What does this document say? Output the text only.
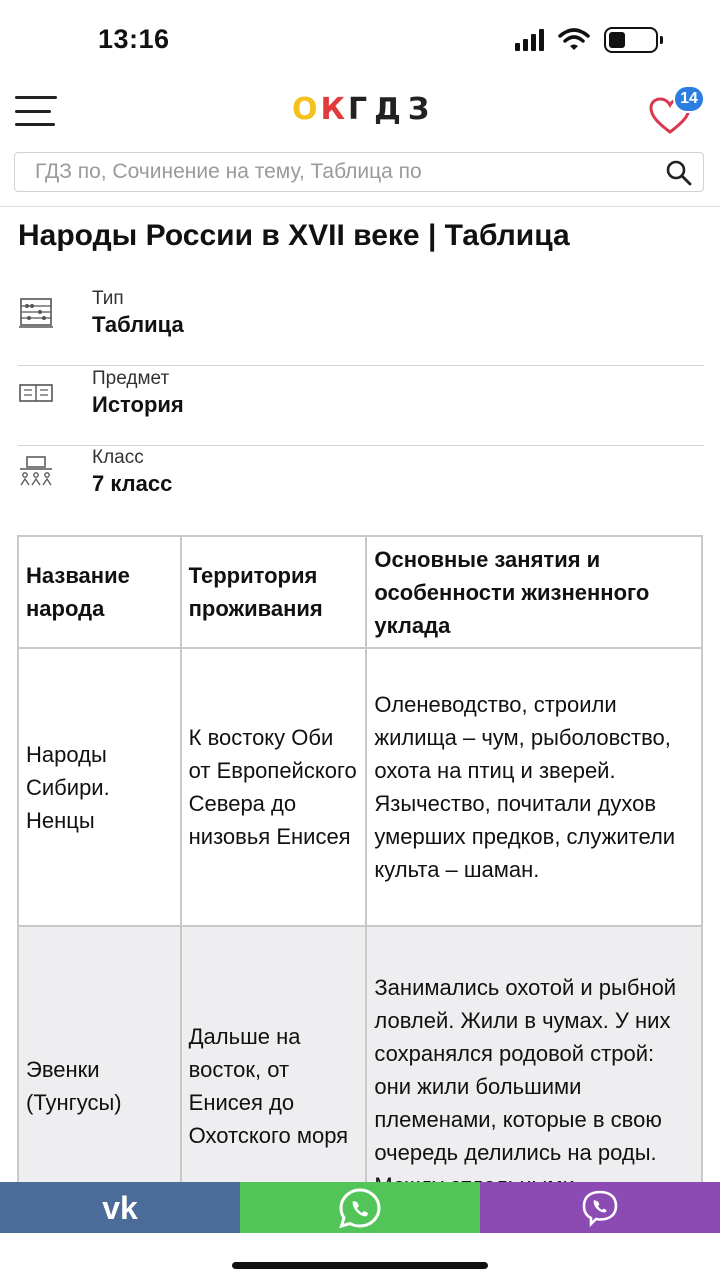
13:16
ОКГДЗ	14
ГДЗ по, Сочинение на тему, Таблица по
Народы России в XVII веке | Таблица
Тип
Таблица
Предмет
История
Класс
7 класс
Название народа	Территория проживания	Основные занятия и особенности жизненного уклада
Народы Сибири. Ненцы	К востоку Оби от Европейского Севера до низовья Енисея	Оленеводство, строили жилища – чум, рыболовство, охота на птиц и зверей. Язычество, почитали духов умерших предков, служители культа – шаман.
Эвенки (Тунгусы)	Дальше на восток, от Енисея до Охотского моря	Занимались охотой и рыбной ловлей. Жили в чумах. У них сохранялся родовой строй: они жили большими племенами, которые в свою очередь делились на роды.
vk
